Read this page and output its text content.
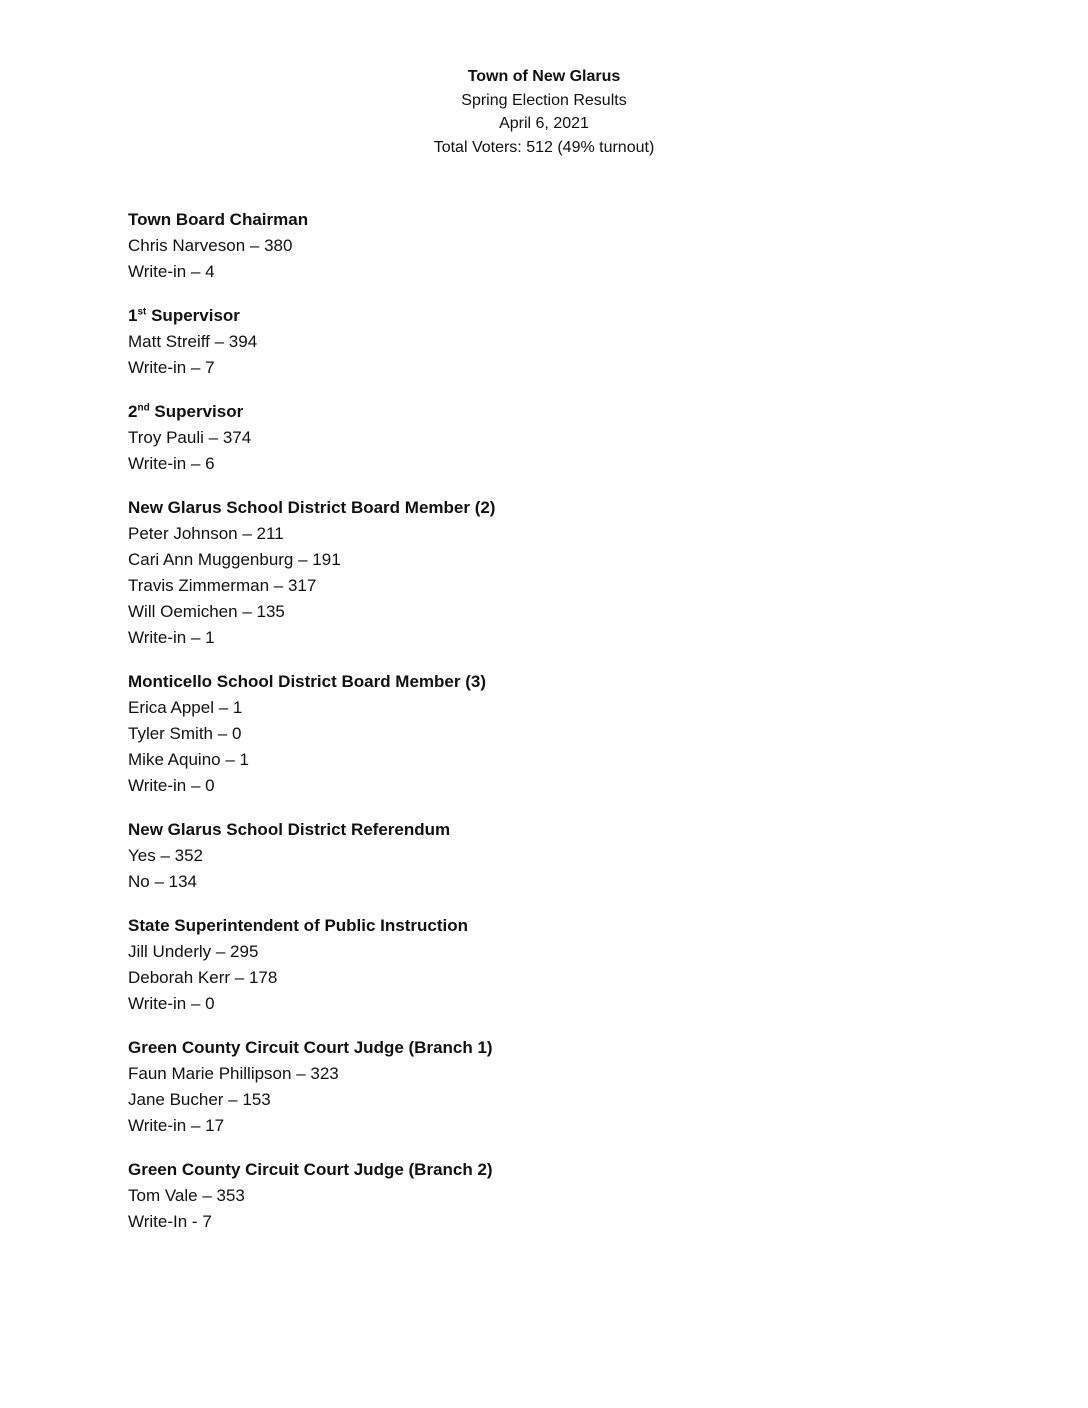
Town of New Glarus
Spring Election Results
April 6, 2021
Total Voters: 512 (49% turnout)
Town Board Chairman
Chris Narveson – 380
Write-in – 4
1st Supervisor
Matt Streiff – 394
Write-in – 7
2nd Supervisor
Troy Pauli – 374
Write-in – 6
New Glarus School District Board Member (2)
Peter Johnson – 211
Cari Ann Muggenburg – 191
Travis Zimmerman – 317
Will Oemichen – 135
Write-in – 1
Monticello School District Board Member (3)
Erica Appel – 1
Tyler Smith – 0
Mike Aquino – 1
Write-in – 0
New Glarus School District Referendum
Yes – 352
No – 134
State Superintendent of Public Instruction
Jill Underly – 295
Deborah Kerr – 178
Write-in – 0
Green County Circuit Court Judge (Branch 1)
Faun Marie Phillipson – 323
Jane Bucher – 153
Write-in – 17
Green County Circuit Court Judge (Branch 2)
Tom Vale – 353
Write-In - 7
